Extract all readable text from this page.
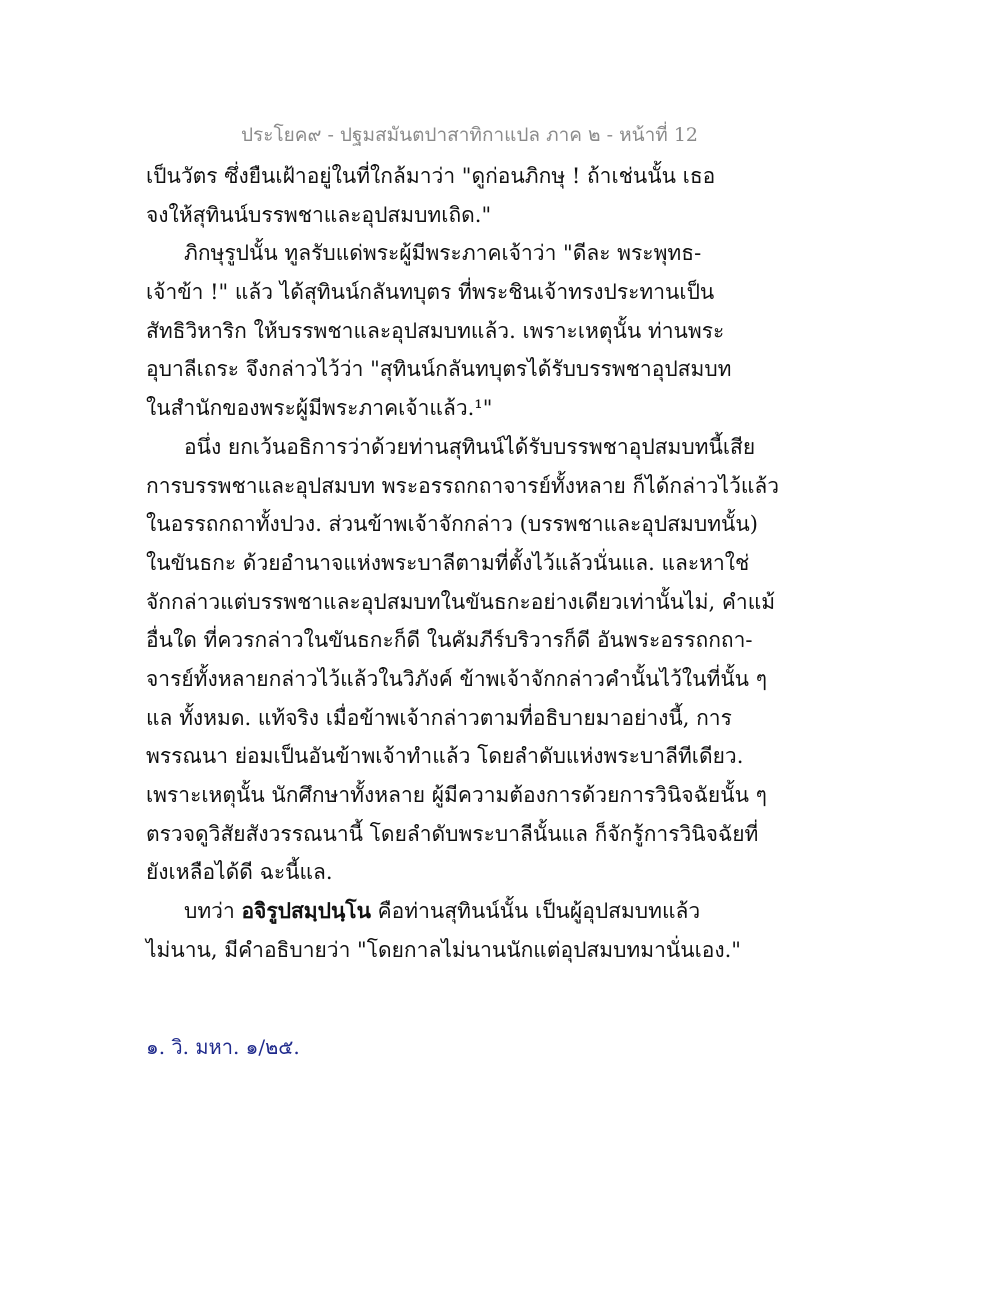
ประโยค๙ - ปฐมสมันตปาสาทิกาแปล ภาค ๒ - หน้าที่ 12
เป็นวัตร ซึ่งยืนเฝ้าอยู่ในที่ใกล้มาว่า "ดูก่อนภิกษุ ! ถ้าเช่นนั้น เธอ
จงให้สุทินน์บรรพชาและอุปสมบทเถิด."
ภิกษุรูปนั้น ทูลรับแด่พระผู้มีพระภาคเจ้าว่า "ดีละ พระพุทธ-
เจ้าข้า !" แล้ว ได้สุทินน์กลันทบุตร ที่พระชินเจ้าทรงประทานเป็น
สัทธิวิหาริก ให้บรรพชาและอุปสมบทแล้ว. เพราะเหตุนั้น ท่านพระ
อุบาลีเถระ จึงกล่าวไว้ว่า "สุทินน์กลันทบุตรได้รับบรรพชาอุปสมบท
ในสำนักของพระผู้มีพระภาคเจ้าแล้ว.¹"
อนึ่ง ยกเว้นอธิการว่าด้วยท่านสุทินน์ได้รับบรรพชาอุปสมบทนี้เสีย
การบรรพชาและอุปสมบท พระอรรถกถาจารย์ทั้งหลาย ก็ได้กล่าวไว้แล้ว
ในอรรถกถาทั้งปวง. ส่วนข้าพเจ้าจักกล่าว (บรรพชาและอุปสมบทนั้น)
ในขันธกะ ด้วยอำนาจแห่งพระบาลีตามที่ตั้งไว้แล้วนั่นแล. และหาใช่
จักกล่าวแต่บรรพชาและอุปสมบทในขันธกะอย่างเดียวเท่านั้นไม่, คำแม้
อื่นใด ที่ควรกล่าวในขันธกะก็ดี ในคัมภีร์บริวารก็ดี อันพระอรรถกถา-
จารย์ทั้งหลายกล่าวไว้แล้วในวิภังค์ ข้าพเจ้าจักกล่าวคำนั้นไว้ในที่นั้น ๆ
แล ทั้งหมด. แท้จริง เมื่อข้าพเจ้ากล่าวตามที่อธิบายมาอย่างนี้, การ
พรรณนา ย่อมเป็นอันข้าพเจ้าทำแล้ว โดยลำดับแห่งพระบาลีทีเดียว.
เพราะเหตุนั้น นักศึกษาทั้งหลาย ผู้มีความต้องการด้วยการวินิจฉัยนั้น ๆ
ตรวจดูวิสัยสังวรรณนานี้ โดยลำดับพระบาลีนั้นแล ก็จักรู้การวินิจฉัยที่
ยังเหลือได้ดี ฉะนี้แล.
บทว่า อจิรูปสมฺปนฺโน คือท่านสุทินน์นั้น เป็นผู้อุปสมบทแล้ว
ไม่นาน, มีคำอธิบายว่า "โดยกาลไม่นานนักแต่อุปสมบทมานั่นเอง."
๑. วิ. มหา. ๑/๒๕.
